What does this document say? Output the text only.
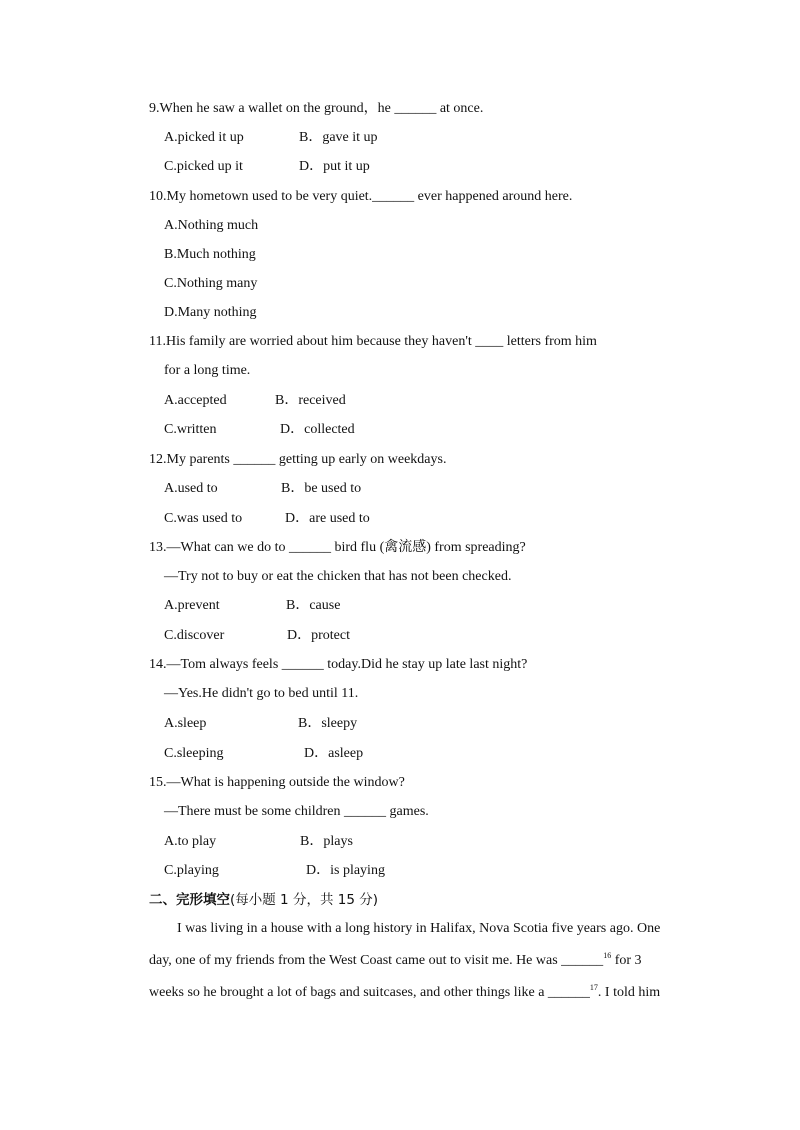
9.When he saw a wallet on the ground，he ______ at once.
A.picked it up	B．gave it up
C.picked up it	D．put it up
10.My hometown used to be very quiet.______ ever happened around here.
A.Nothing much
B.Much nothing
C.Nothing many
D.Many nothing
11.His family are worried about him because they haven't ____ letters from him
for a long time.
A.accepted	B．received
C.written	D．collected
12.My parents ______ getting up early on weekdays.
A.used to	B．be used to
C.was used to	D．are used to
13.—What can we do to ______ bird flu (禽流感) from spreading?
—Try not to buy or eat the chicken that has not been checked.
A.prevent	B．cause
C.discover	D．protect
14.—Tom always feels ______ today.Did he stay up late last night?
—Yes.He didn't go to bed until 11.
A.sleep	B．sleepy
C.sleeping	D．asleep
15.—What is happening outside the window?
—There must be some children ______ games.
A.to play	B．plays
C.playing	D．is playing
二、完形填空(每小题 1 分，共 15 分)
I was living in a house with a long history in Halifax, Nova Scotia five years ago. One
day, one of my friends from the West Coast came out to visit me. He was ______$^{16}$ for 3
weeks so he brought a lot of bags and suitcases, and other things like a ______$^{17}$. I told him
